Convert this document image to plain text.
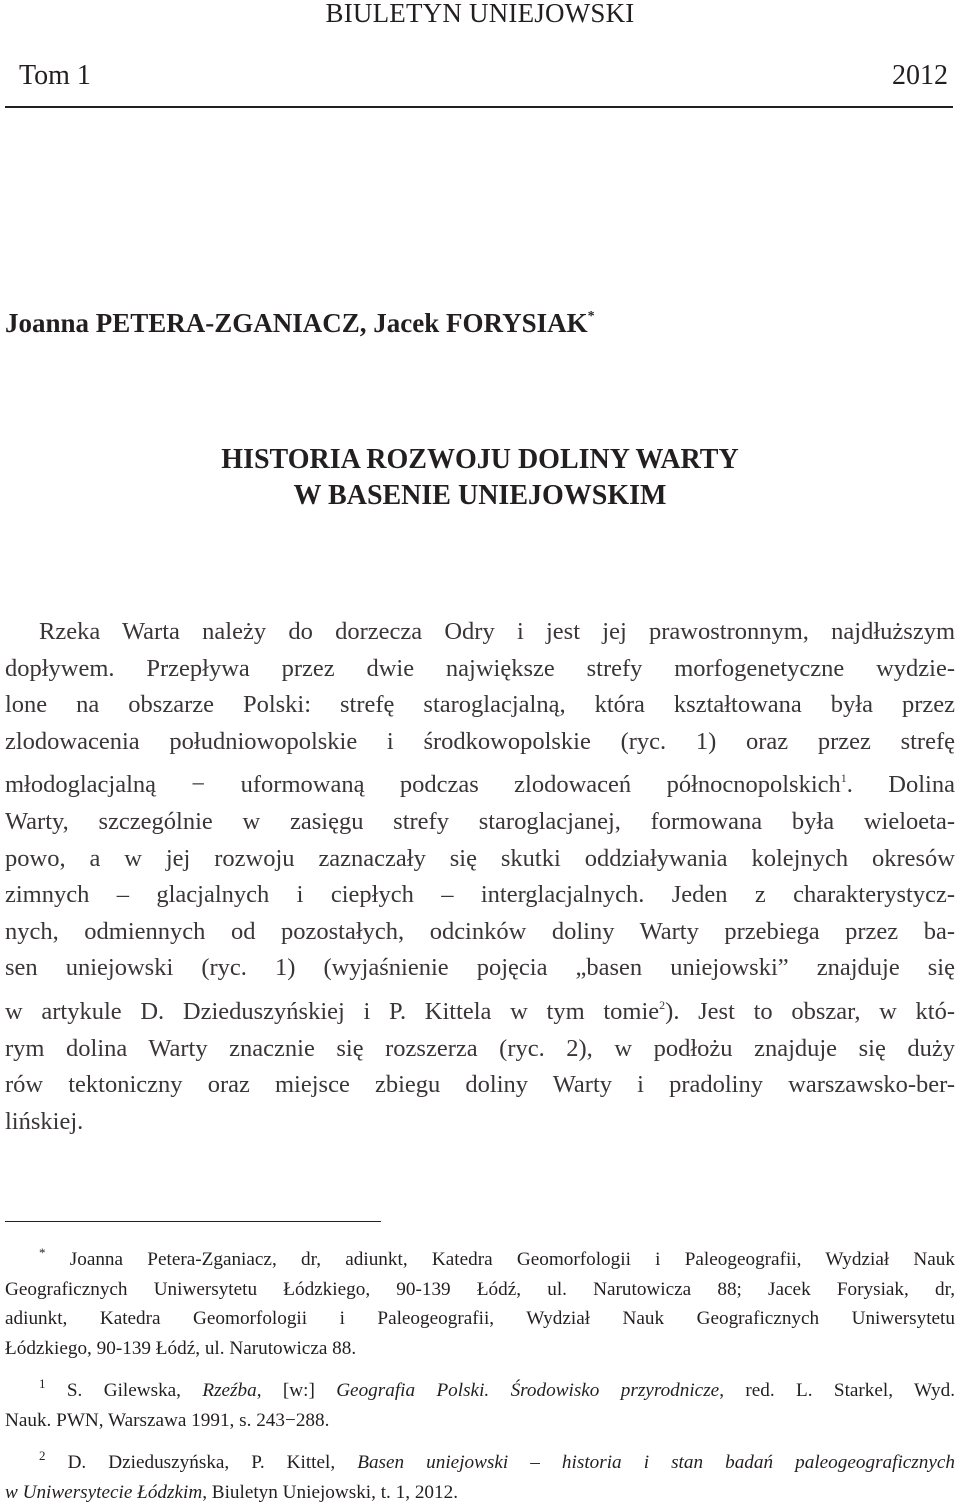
BIULETYN UNIEJOWSKI
Tom 1	2012
Joanna PETERA-ZGANIACZ, Jacek FORYSIAK*
HISTORIA ROZWOJU DOLINY WARTY
W BASENIE UNIEJOWSKIM
Rzeka Warta należy do dorzecza Odry i jest jej prawostronnym, najdłuższym
dopływem. Przepływa przez dwie największe strefy morfogenetyczne wydzie-
lone na obszarze Polski: strefę staroglacjalną, która kształtowana była przez
zlodowacenia południowopolskie i środkowopolskie (ryc. 1) oraz przez strefę
młodoglacjalną − uformowaną podczas zlodowaceń północnopolskich$^1$. Dolina
Warty, szczególnie w zasięgu strefy staroglacjanej, formowana była wieloeta-
powo, a w jej rozwoju zaznaczały się skutki oddziaływania kolejnych okresów
zimnych – glacjalnych i ciepłych – interglacjalnych. Jeden z charakterystycz-
nych, odmiennych od pozostałych, odcinków doliny Warty przebiega przez ba-
sen uniejowski (ryc. 1) (wyjaśnienie pojęcia „basen uniejowski” znajduje się
w artykule D. Dzieduszyńskiej i P. Kittela w tym tomie$^2$). Jest to obszar, w któ-
rym dolina Warty znacznie się rozszerza (ryc. 2), w podłożu znajduje się duży
rów tektoniczny oraz miejsce zbiegu doliny Warty i pradoliny warszawsko-ber-
lińskiej.
* Joanna Petera-Zganiacz, dr, adiunkt, Katedra Geomorfologii i Paleogeografii, Wydział Nauk
Geograficznych Uniwersytetu Łódzkiego, 90-139 Łódź, ul. Narutowicza 88; Jacek Forysiak, dr,
adiunkt, Katedra Geomorfologii i Paleogeografii, Wydział Nauk Geograficznych Uniwersytetu
Łódzkiego, 90-139 Łódź, ul. Narutowicza 88.
$^1$ S. Gilewska, Rzeźba, [w:] Geografia Polski. Środowisko przyrodnicze, red. L. Starkel, Wyd.
Nauk. PWN, Warszawa 1991, s. 243−288.
$^2$ D. Dzieduszyńska, P. Kittel, Basen uniejowski – historia i stan badań paleogeograficznych
w Uniwersytecie Łódzkim, Biuletyn Uniejowski, t. 1, 2012.
